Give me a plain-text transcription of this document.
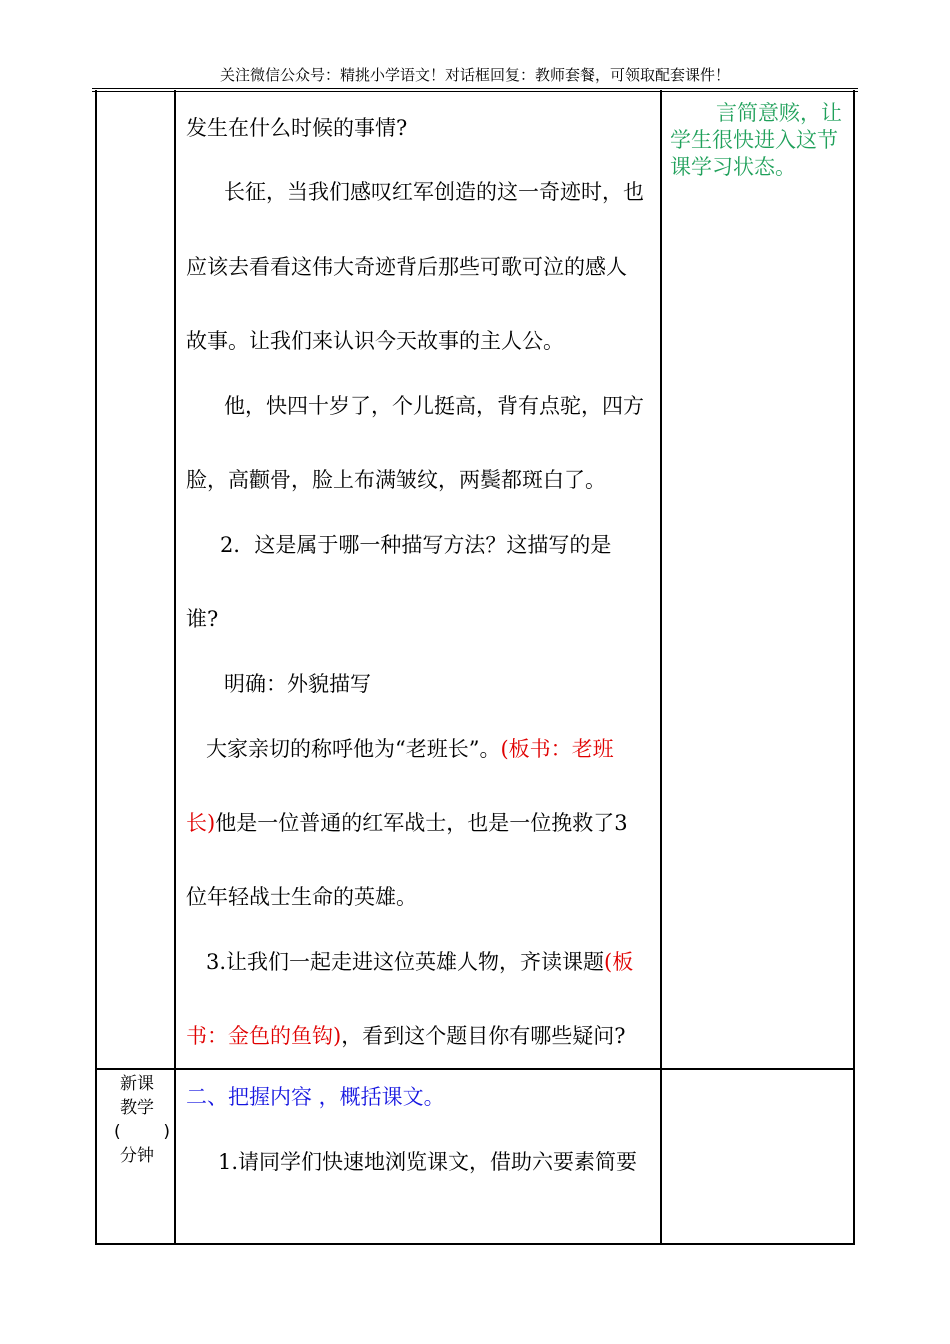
关注微信公众号：精挑小学语文！对话框回复：教师套餐，可领取配套课件！
发生在什么时候的事情?
长征，当我们感叹红军创造的这一奇迹时，也
应该去看看这伟大奇迹背后那些可歌可泣的感人
故事。让我们来认识今天故事的主人公。
他，快四十岁了，个儿挺高，背有点驼，四方
脸，高颧骨，脸上布满皱纹，两鬓都斑白了。
2．这是属于哪一种描写方法？这描写的是
谁?
明确：外貌描写
大家亲切的称呼他为“老班长”。(板书：老班
长)他是一位普通的红军战士，也是一位挽救了3
位年轻战士生命的英雄。
3.让我们一起走进这位英雄人物，齐读课题(板
书：金色的鱼钩)，看到这个题目你有哪些疑问?
言简意赅，让
学生很快进入这节
课学习状态。
新课
教学
(	)
分钟
二、把握内容 ，概括课文。
1.请同学们快速地浏览课文，借助六要素简要
